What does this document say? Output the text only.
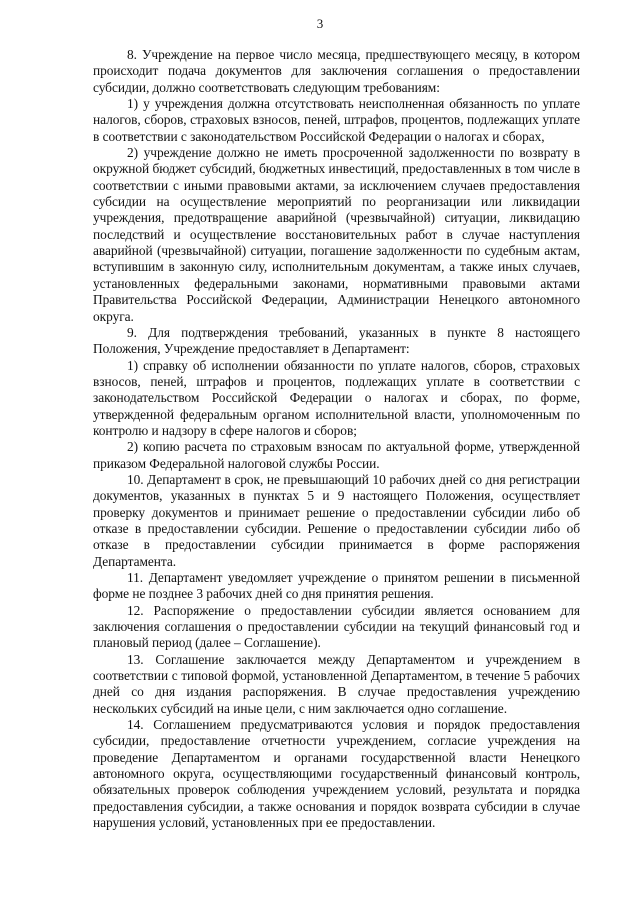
3

8. Учреждение на первое число месяца, предшествующего месяцу, в котором происходит подача документов для заключения соглашения о предоставлении субсидии, должно соответствовать следующим требованиям:

1) у учреждения должна отсутствовать неисполненная обязанность по уплате налогов, сборов, страховых взносов, пеней, штрафов, процентов, подлежащих уплате в соответствии с законодательством Российской Федерации о налогах и сборах,

2) учреждение должно не иметь просроченной задолженности по возврату в окружной бюджет субсидий, бюджетных инвестиций, предоставленных в том числе в соответствии с иными правовыми актами, за исключением случаев предоставления субсидии на осуществление мероприятий по реорганизации или ликвидации учреждения, предотвращение аварийной (чрезвычайной) ситуации, ликвидацию последствий и осуществление восстановительных работ в случае наступления аварийной (чрезвычайной) ситуации, погашение задолженности по судебным актам, вступившим в законную силу, исполнительным документам, а также иных случаев, установленных федеральными законами, нормативными правовыми актами Правительства Российской Федерации, Администрации Ненецкого автономного округа.

9. Для подтверждения требований, указанных в пункте 8 настоящего Положения, Учреждение предоставляет в Департамент:

1) справку об исполнении обязанности по уплате налогов, сборов, страховых взносов, пеней, штрафов и процентов, подлежащих уплате в соответствии с законодательством Российской Федерации о налогах и сборах, по форме, утвержденной федеральным органом исполнительной власти, уполномоченным по контролю и надзору в сфере налогов и сборов;

2) копию расчета по страховым взносам по актуальной форме, утвержденной приказом Федеральной налоговой службы России.

10. Департамент в срок, не превышающий 10 рабочих дней со дня регистрации документов, указанных в пунктах 5 и 9 настоящего Положения, осуществляет проверку документов и принимает решение о предоставлении субсидии либо об отказе в предоставлении субсидии. Решение о предоставлении субсидии либо об отказе в предоставлении субсидии принимается в форме распоряжения Департамента.

11. Департамент уведомляет учреждение о принятом решении в письменной форме не позднее 3 рабочих дней со дня принятия решения.

12. Распоряжение о предоставлении субсидии является основанием для заключения соглашения о предоставлении субсидии на текущий финансовый год и плановый период (далее – Соглашение).

13. Соглашение заключается между Департаментом и учреждением в соответствии с типовой формой, установленной Департаментом, в течение 5 рабочих дней со дня издания распоряжения. В случае предоставления учреждению нескольких субсидий на иные цели, с ним заключается одно соглашение.

14. Соглашением предусматриваются условия и порядок предоставления субсидии, предоставление отчетности учреждением, согласие учреждения на проведение Департаментом и органами государственной власти Ненецкого автономного округа, осуществляющими государственный финансовый контроль, обязательных проверок соблюдения учреждением условий, результата и порядка предоставления субсидии, а также основания и порядок возврата субсидии в случае нарушения условий, установленных при ее предоставлении.
